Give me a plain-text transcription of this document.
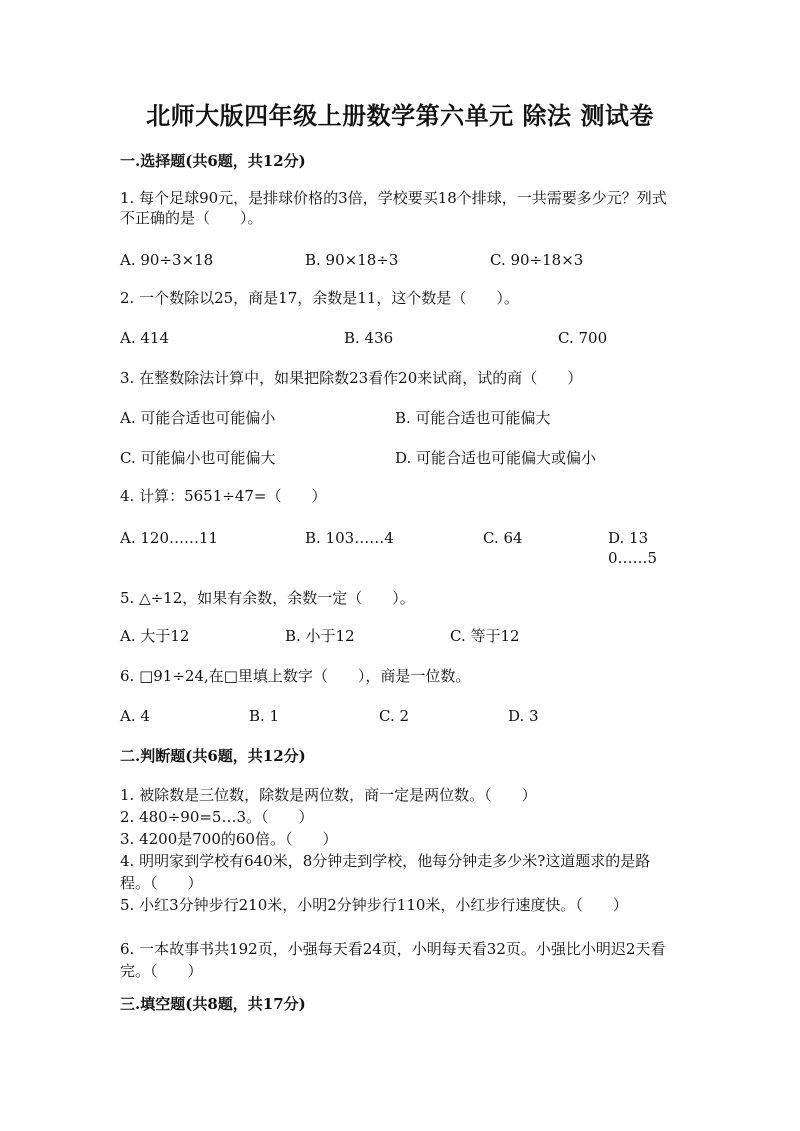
北师大版四年级上册数学第六单元 除法 测试卷
一.选择题(共6题，共12分)
1. 每个足球90元，是排球价格的3倍，学校要买18个排球，一共需要多少元？列式不正确的是（　　）。
A. 90÷3×18	B. 90×18÷3	C. 90÷18×3
2. 一个数除以25，商是17，余数是11，这个数是（　　）。
A. 414	B. 436	C. 700
3. 在整数除法计算中，如果把除数23看作20来试商，试的商（　　）
A. 可能合适也可能偏小	B. 可能合适也可能偏大
C. 可能偏小也可能偏大	D. 可能合适也可能偏大或偏小
4. 计算：5651÷47=（　　）
A. 120……11	B. 103……4	C. 64	D. 130……5
5. △÷12，如果有余数，余数一定（　　）。
A. 大于12	B. 小于12	C. 等于12
6. □91÷24,在□里填上数字（　　），商是一位数。
A. 4	B. 1	C. 2	D. 3
二.判断题(共6题，共12分)
1. 被除数是三位数，除数是两位数，商一定是两位数。（　　）
2. 480÷90=5…3。（　　）
3. 4200是700的60倍。（　　）
4. 明明家到学校有640米，8分钟走到学校，他每分钟走多少米?这道题求的是路程。（　　）
5. 小红3分钟步行210米，小明2分钟步行110米，小红步行速度快。（　　）
6. 一本故事书共192页，小强每天看24页，小明每天看32页。小强比小明迟2天看完。（　　）
三.填空题(共8题，共17分)
